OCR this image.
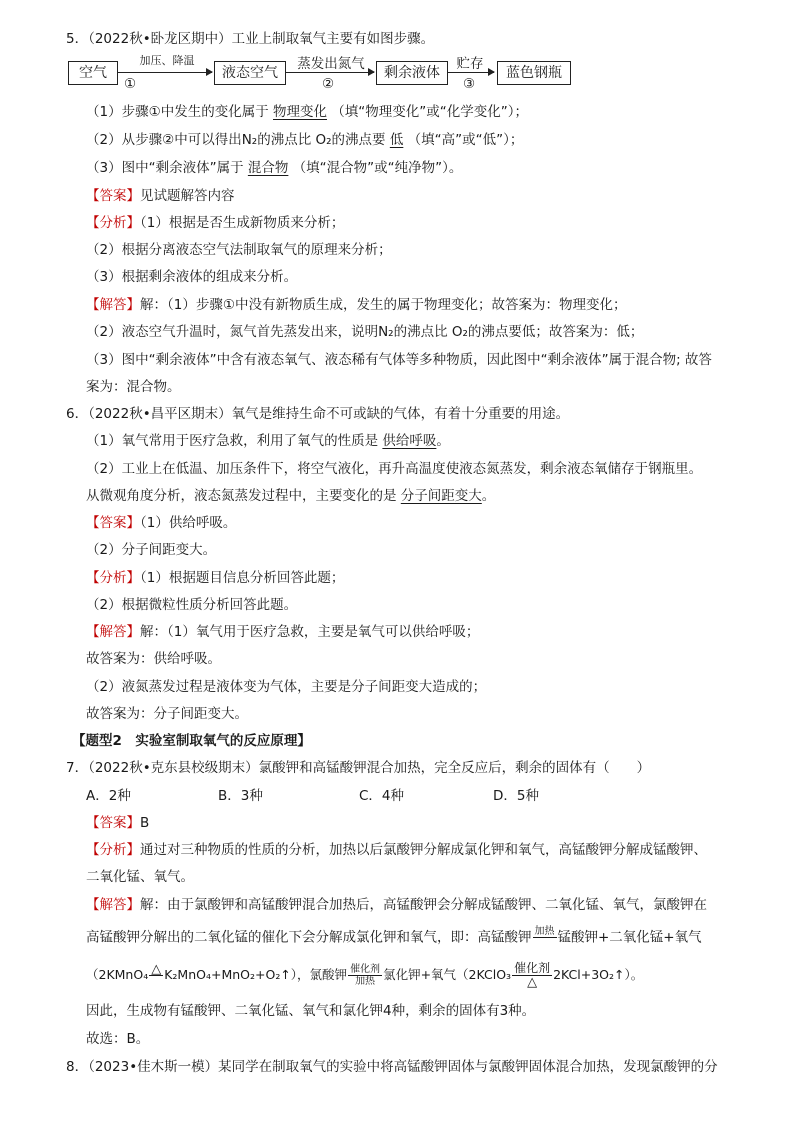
5．（2022秋•卧龙区期中）工业上制取氧气主要有如图步骤。
空气
加压、降温
①
液态空气
蒸发出氮气
②
剩余液体
贮存
③
蓝色钢瓶
（1）步骤①中发生的变化属于 物理变化 （填“物理变化”或“化学变化”）；
（2）从步骤②中可以得出N₂的沸点比 O₂的沸点要 低 （填“高”或“低”）；
（3）图中“剩余液体”属于 混合物 （填“混合物”或“纯净物”）。
【答案】见试题解答内容
【分析】（1）根据是否生成新物质来分析；
（2）根据分离液态空气法制取氧气的原理来分析；
（3）根据剩余液体的组成来分析。
【解答】解：（1）步骤①中没有新物质生成，发生的属于物理变化；故答案为：物理变化；
（2）液态空气升温时，氮气首先蒸发出来，说明N₂的沸点比 O₂的沸点要低；故答案为：低；
（3）图中“剩余液体”中含有液态氧气、液态稀有气体等多种物质，因此图中“剩余液体”属于混合物; 故答
案为：混合物。
6．（2022秋•昌平区期末）氧气是维持生命不可或缺的气体，有着十分重要的用途。
（1）氧气常用于医疗急救，利用了氧气的性质是 供给呼吸。
（2）工业上在低温、加压条件下，将空气液化，再升高温度使液态氮蒸发，剩余液态氧储存于钢瓶里。
从微观角度分析，液态氮蒸发过程中，主要变化的是 分子间距变大。
【答案】（1）供给呼吸。
（2）分子间距变大。
【分析】（1）根据题目信息分析回答此题；
（2）根据微粒性质分析回答此题。
【解答】解：（1）氧气用于医疗急救，主要是氧气可以供给呼吸；
故答案为：供给呼吸。
（2）液氮蒸发过程是液体变为气体，主要是分子间距变大造成的；
故答案为：分子间距变大。
【题型2　实验室制取氧气的反应原理】
7．（2022秋•克东县校级期末）氯酸钾和高锰酸钾混合加热，完全反应后，剩余的固体有（　　）
A．2种	B．3种	C．4种	D．5种
【答案】B
【分析】通过对三种物质的性质的分析，加热以后氯酸钾分解成氯化钾和氧气，高锰酸钾分解成锰酸钾、
二氧化锰、氧气。
【解答】解：由于氯酸钾和高锰酸钾混合加热后，高锰酸钾会分解成锰酸钾、二氧化锰、氧气，氯酸钾在
高锰酸钾分解出的二氧化锰的催化下会分解成氯化钾和氧气，即：高锰酸钾 加热
锰酸钾+二氧化锰+氧气
（2KMnO₄ △
K₂MnO₄+MnO₂+O₂↑），氯酸钾 $\frac{\text{催化剂}}{\text{加热}}$ 氯化钾+氧气（2KClO₃ $\frac{\text{催化剂}}{\triangle}$ 2KCl+3O₂↑）。
因此，生成物有锰酸钾、二氧化锰、氧气和氯化钾4种，剩余的固体有3种。
故选：B。
8．（2023•佳木斯一模）某同学在制取氧气的实验中将高锰酸钾固体与氯酸钾固体混合加热，发现氯酸钾的分
